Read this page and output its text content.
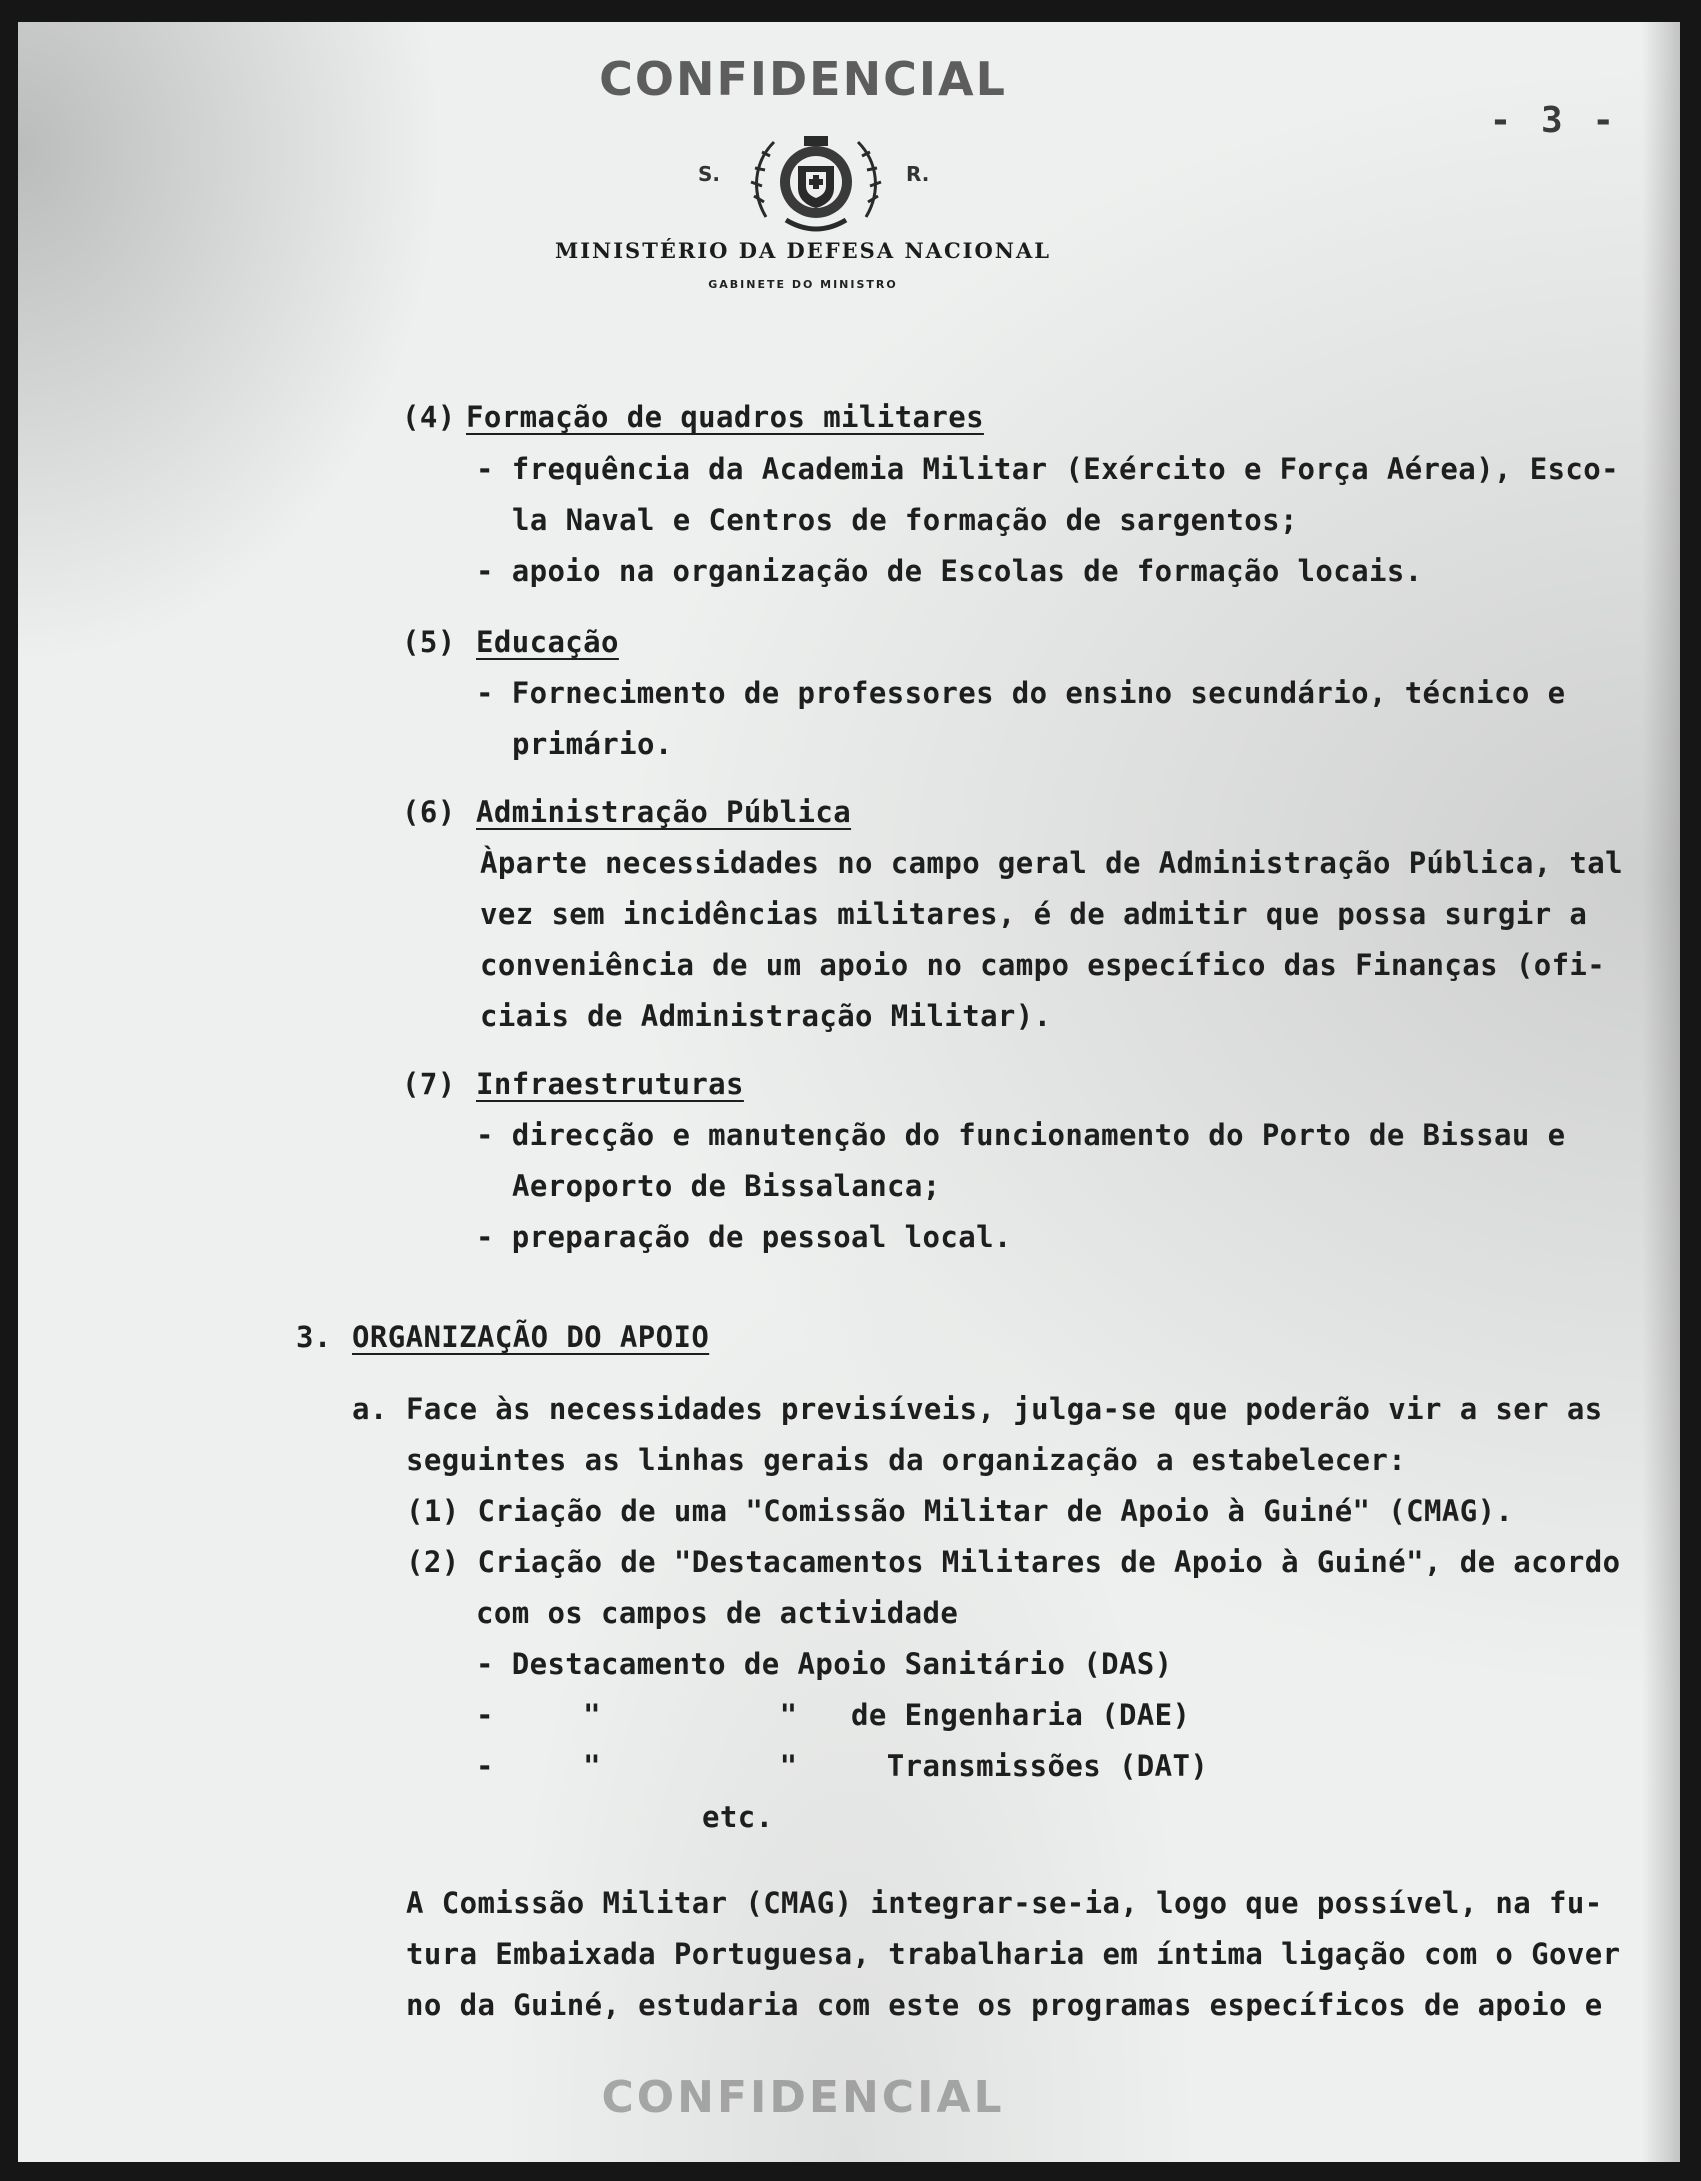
CONFIDENCIAL
- 3 -
S.	R.
MINISTÉRIO DA DEFESA NACIONAL
GABINETE DO MINISTRO
(4) Formação de quadros militares
- frequência da Academia Militar (Exército e Força Aérea), Esco-
la Naval e Centros de formação de sargentos;
- apoio na organização de Escolas de formação locais.
(5) Educação
- Fornecimento de professores do ensino secundário, técnico e
primário.
(6) Administração Pública
Àparte necessidades no campo geral de Administração Pública, tal
vez sem incidências militares, é de admitir que possa surgir a
conveniência de um apoio no campo específico das Finanças (ofi-
ciais de Administração Militar).
(7) Infraestruturas
- direcção e manutenção do funcionamento do Porto de Bissau e
Aeroporto de Bissalanca;
- preparação de pessoal local.
3. ORGANIZAÇÃO DO APOIO
a. Face às necessidades previsíveis, julga-se que poderão vir a ser as
seguintes as linhas gerais da organização a estabelecer:
(1) Criação de uma "Comissão Militar de Apoio à Guiné" (CMAG).
(2) Criação de "Destacamentos Militares de Apoio à Guiné", de acordo
com os campos de actividade
- Destacamento de Apoio Sanitário (DAS)
-     "          "   de Engenharia (DAE)
-     "          "     Transmissões (DAT)
etc.
A Comissão Militar (CMAG) integrar-se-ia, logo que possível, na fu-
tura Embaixada Portuguesa, trabalharia em íntima ligação com o Gover
no da Guiné, estudaria com este os programas específicos de apoio e
CONFIDENCIAL
